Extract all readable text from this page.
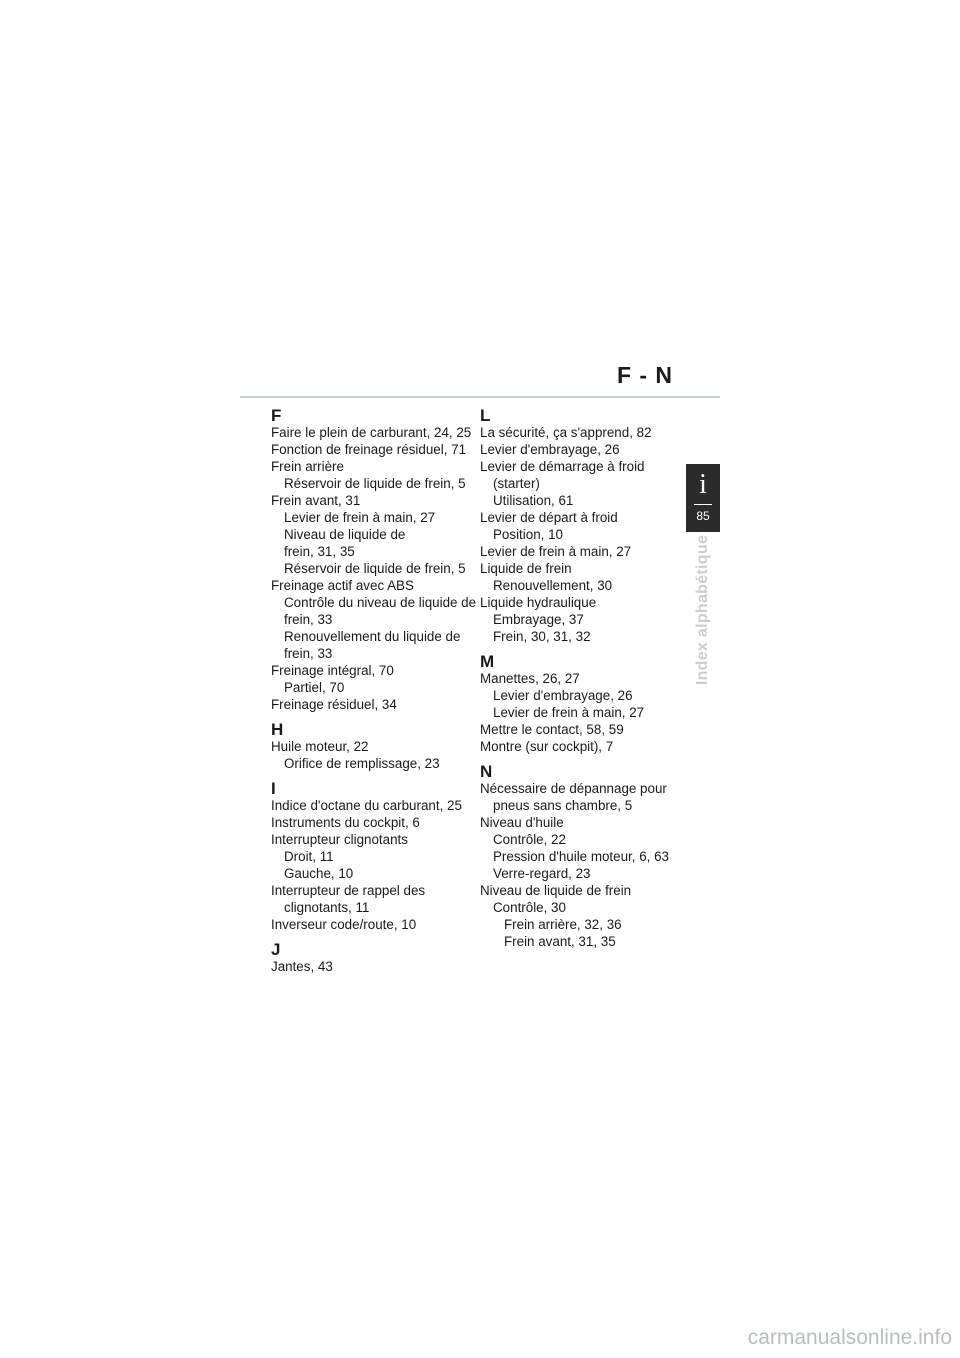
F - N
i
85
Index alphabétique
F
Faire le plein de carburant, 24, 25
Fonction de freinage résiduel, 71
Frein arrière
Réservoir de liquide de frein, 5
Frein avant, 31
Levier de frein à main, 27
Niveau de liquide de
frein, 31, 35
Réservoir de liquide de frein, 5
Freinage actif avec ABS
Contrôle du niveau de liquide de
frein, 33
Renouvellement du liquide de
frein, 33
Freinage intégral, 70
Partiel, 70
Freinage résiduel, 34
H
Huile moteur, 22
Orifice de remplissage, 23
I
Indice d'octane du carburant, 25
Instruments du cockpit, 6
Interrupteur clignotants
Droit, 11
Gauche, 10
Interrupteur de rappel des
clignotants, 11
Inverseur code/route, 10
J
Jantes, 43
L
La sécurité, ça s'apprend, 82
Levier d'embrayage, 26
Levier de démarrage à froid
(starter)
Utilisation, 61
Levier de départ à froid
Position, 10
Levier de frein à main, 27
Liquide de frein
Renouvellement, 30
Liquide hydraulique
Embrayage, 37
Frein, 30, 31, 32
M
Manettes, 26, 27
Levier d'embrayage, 26
Levier de frein à main, 27
Mettre le contact, 58, 59
Montre (sur cockpit), 7
N
Nécessaire de dépannage pour
pneus sans chambre, 5
Niveau d'huile
Contrôle, 22
Pression d'huile moteur, 6, 63
Verre-regard, 23
Niveau de liquide de frein
Contrôle, 30
Frein arrière, 32, 36
Frein avant, 31, 35
carmanualsonline.info
